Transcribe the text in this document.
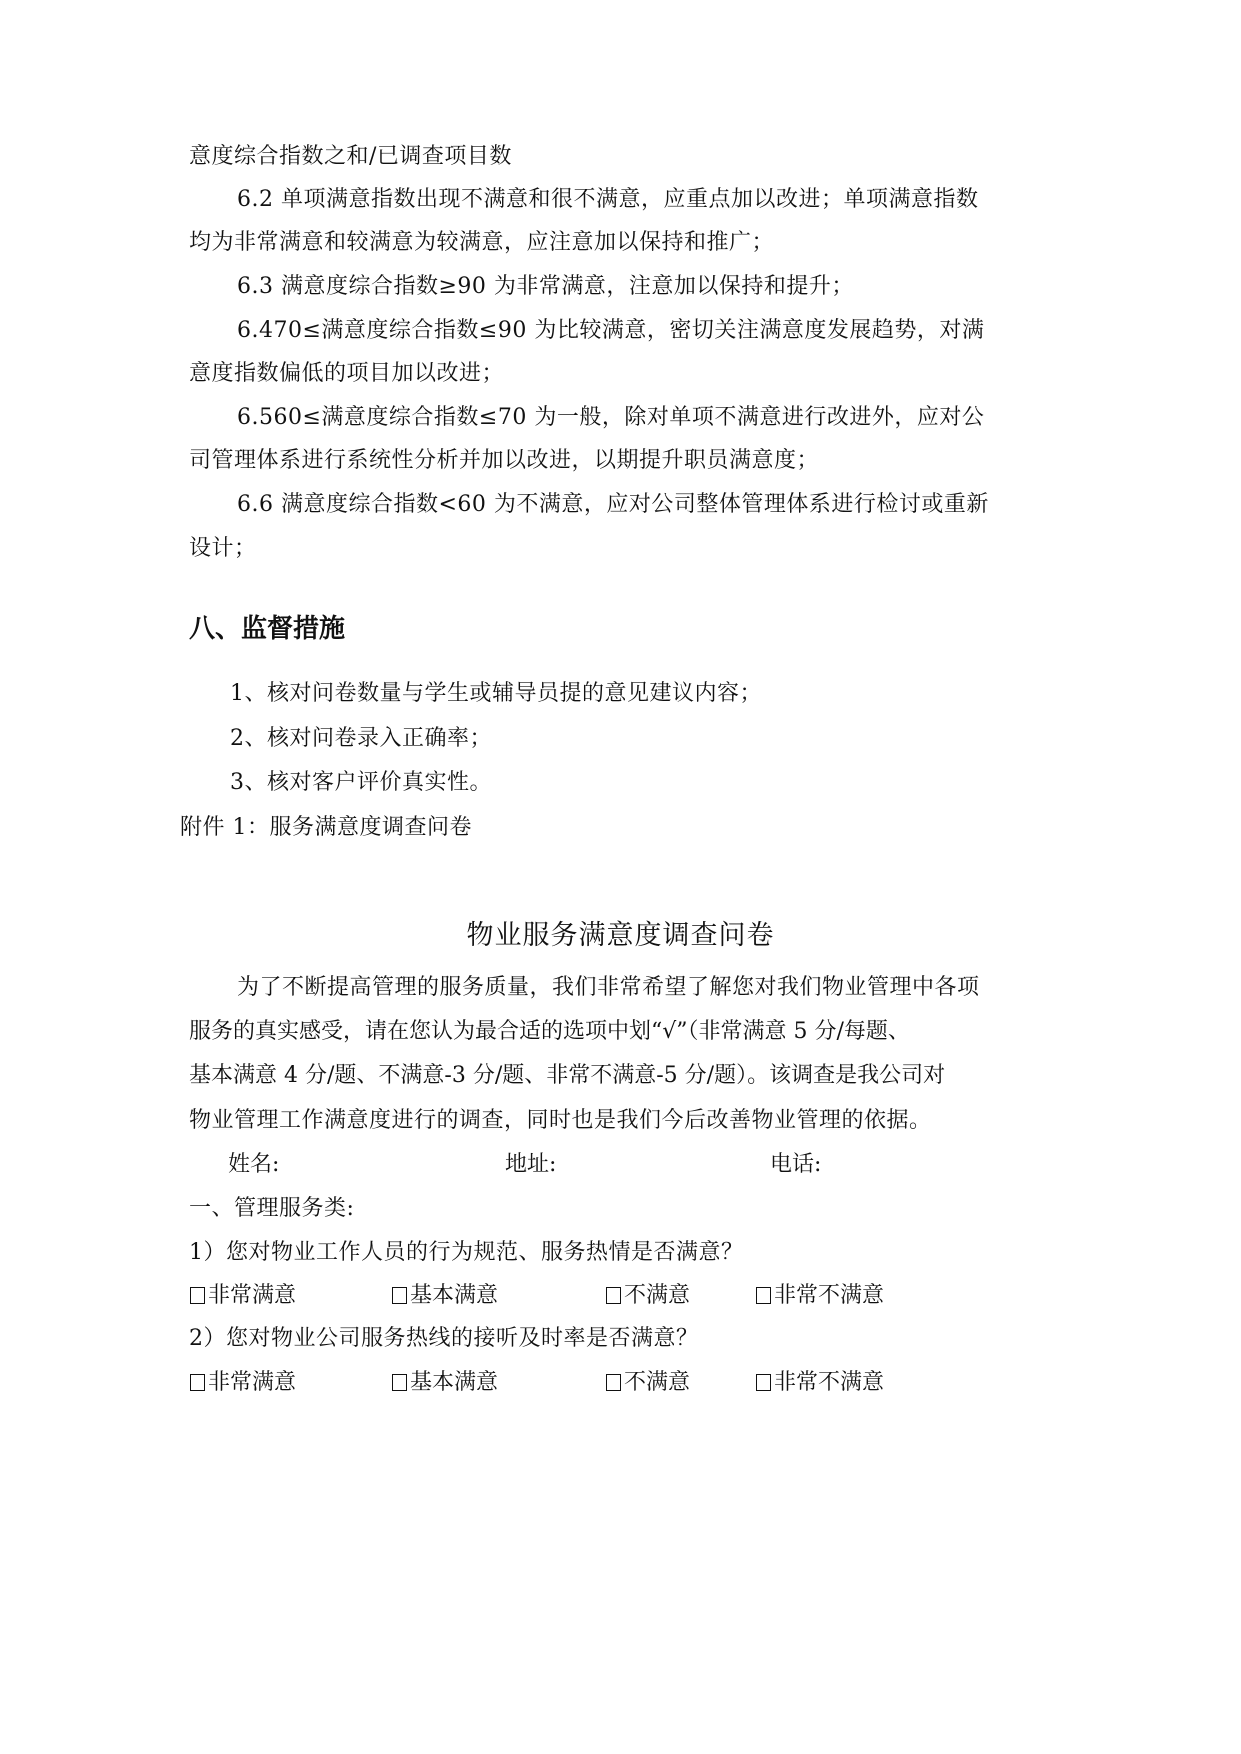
意度综合指数之和/已调查项目数
6.2 单项满意指数出现不满意和很不满意，应重点加以改进；单项满意指数
均为非常满意和较满意为较满意，应注意加以保持和推广；
6.3 满意度综合指数≥90 为非常满意，注意加以保持和提升；
6.470≤满意度综合指数≤90 为比较满意，密切关注满意度发展趋势，对满
意度指数偏低的项目加以改进；
6.560≤满意度综合指数≤70 为一般，除对单项不满意进行改进外，应对公
司管理体系进行系统性分析并加以改进，以期提升职员满意度；
6.6 满意度综合指数<60 为不满意，应对公司整体管理体系进行检讨或重新
设计；
八、监督措施
1、核对问卷数量与学生或辅导员提的意见建议内容；
2、核对问卷录入正确率；
3、核对客户评价真实性。
附件 1：服务满意度调查问卷
物业服务满意度调查问卷
为了不断提高管理的服务质量，我们非常希望了解您对我们物业管理中各项
服务的真实感受，请在您认为最合适的选项中划“√”（非常满意 5 分/每题、
基本满意 4 分/题、不满意-3 分/题、非常不满意-5 分/题）。该调查是我公司对
物业管理工作满意度进行的调查，同时也是我们今后改善物业管理的依据。
姓名:	地址:	电话:
一、管理服务类:
1）您对物业工作人员的行为规范、服务热情是否满意？
非常满意	基本满意	不满意	非常不满意
2）您对物业公司服务热线的接听及时率是否满意？
非常满意	基本满意	不满意	非常不满意
